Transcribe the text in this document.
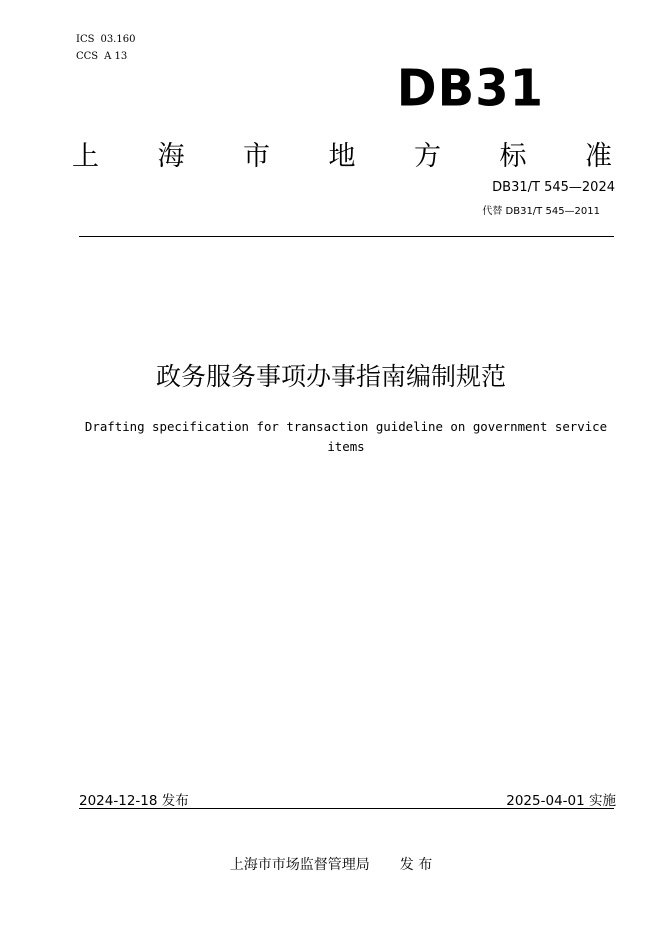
ICS 03.160
CCS A 13
DB31
上 海 市 地 方 标 准
DB31/T 545—2024
代替 DB31/T 545—2011
政务服务事项办事指南编制规范
Drafting specification for transaction guideline on government service items
2024-12-18 发布	2025-04-01 实施
上海市市场监督管理局 发 布
